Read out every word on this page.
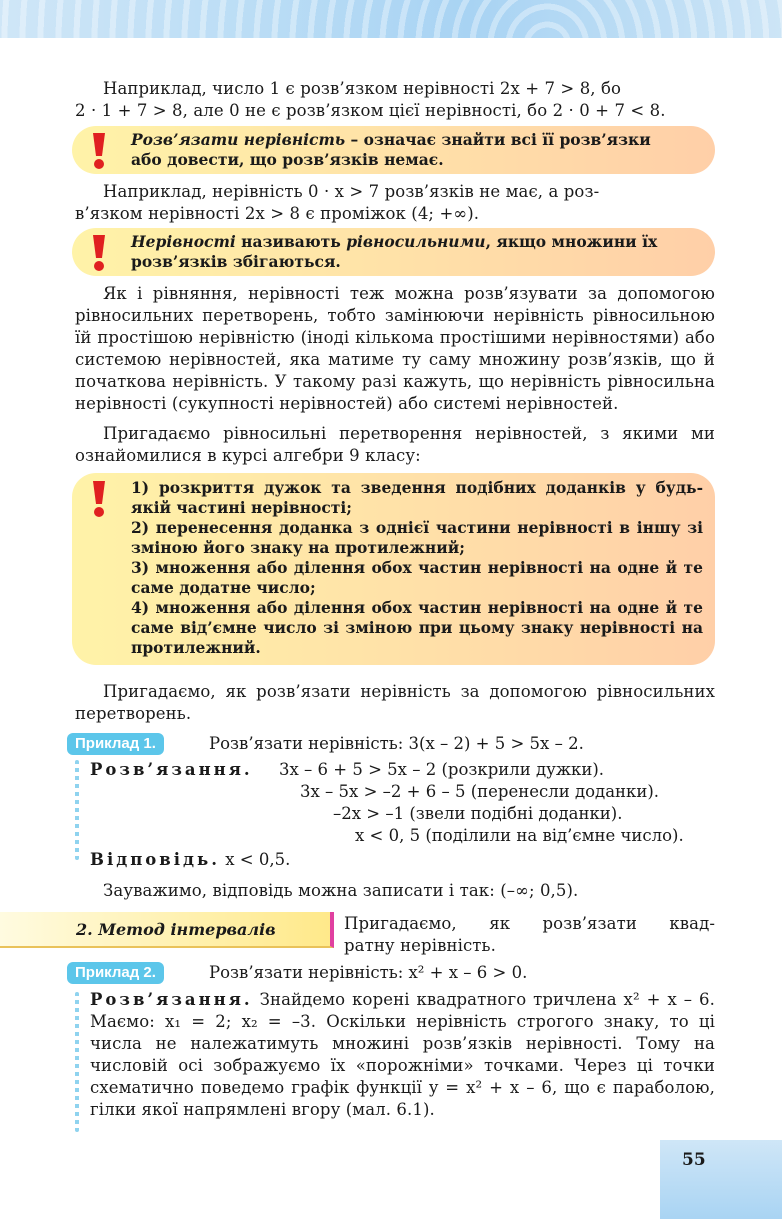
Наприклад, число 1 є розв’язком нерівності 2x + 7 > 8, бо

2 · 1 + 7 > 8, але 0 не є розв’язком цієї нерівності, бо 2 · 0 + 7 < 8.

Розв’язати нерівність – означає знайти всі її розв’язки
або довести, що розв’язків немає.

Наприклад, нерівність 0 · x > 7 розв’язків не має, а роз-

в’язком нерівності 2x > 8 є проміжок (4; +∞).

Нерівності називають рівносильними, якщо множини їх
розв’язків збігаються.

Як і рівняння, нерівності теж можна розв’язувати за допомогою рівносильних перетворень, тобто замінюючи нерівність рівносильною їй простішою нерівністю (іноді кількома простішими нерівностями) або системою нерівностей, яка матиме ту саму множину розв’язків, що й початкова нерівність. У такому разі кажуть, що нерівність рівносильна нерівності (сукупності нерівностей) або системі нерівностей.

Пригадаємо рівносильні перетворення нерівностей, з якими ми ознайомилися в курсі алгебри 9 класу:

1) розкриття дужок та зведення подібних доданків у будь-якій частині нерівності;
2) перенесення доданка з однієї частини нерівності в іншу зі зміною його знаку на протилежний;
3) множення або ділення обох частин нерівності на одне й те саме додатне число;
4) множення або ділення обох частин нерівності на одне й те саме від’ємне число зі зміною при цьому знаку нерівності на протилежний.

Пригадаємо, як розв’язати нерівність за допомогою рівносильних перетворень.

Приклад 1.	Розв’язати нерівність: 3(x – 2) + 5 > 5x – 2.
Розв’язання. 3x – 6 + 5 > 5x – 2 (розкрили дужки).
3x – 5x > –2 + 6 – 5 (перенесли доданки).
–2x > –1 (звели подібні доданки).
x < 0, 5 (поділили на від’ємне число).
Відповідь. x < 0,5.

Зауважимо, відповідь можна записати і так: (–∞; 0,5).

2. Метод інтервалів	Пригадаємо, як розв’язати квад-
ратну нерівність.
Приклад 2.	Розв’язати нерівність: x² + x – 6 > 0.

Розв’язання. Знайдемо корені квадратного тричлена x² + x – 6. Маємо: x₁ = 2; x₂ = –3. Оскільки нерівність строгого знаку, то ці числа не належатимуть множині розв’язків нерівності. Тому на числовій осі зображуємо їх «порожніми» точками. Через ці точки схематично поведемо графік функції y = x² + x – 6, що є параболою, гілки якої напрямлені вгору (мал. 6.1).

55
